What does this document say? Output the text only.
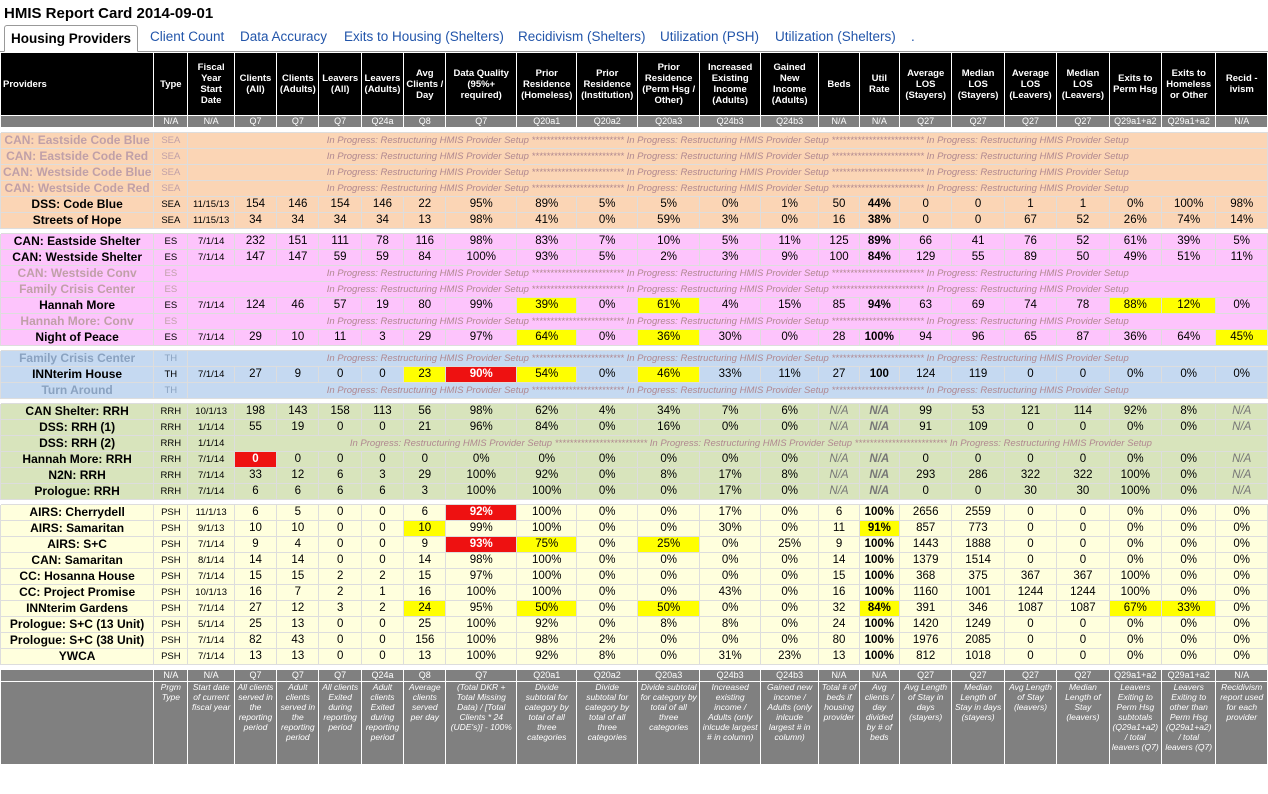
HMIS Report Card 2014-09-01
Housing Providers	Client Count Data Accuracy Exits to Housing (Shelters) Recidivism (Shelters) Utilization (PSH) Utilization (Shelters) .
Providers	Type	Fiscal Year Start Date	Clients (All)	Clients (Adults)	Leavers (All)	Leavers (Adults)	Avg Clients / Day	Data Quality (95%+ required)	Prior Residence (Homeless)	Prior Residence (Institution)	Prior Residence (Perm Hsg / Other)	Increased Existing Income (Adults)	Gained New Income (Adults)	Beds	Util Rate	Average LOS (Stayers)	Median LOS (Stayers)	Average LOS (Leavers)	Median LOS (Leavers)	Exits to Perm Hsg	Exits to Homeless or Other	Recid - ivism
	N/A	N/A	Q7	Q7	Q7	Q24a	Q8	Q7	Q20a1	Q20a2	Q20a3	Q24b3	Q24b3	N/A	N/A	Q27	Q27	Q27	Q27	Q29a1+a2	Q29a1+a2	N/A

CAN: Eastside Code Blue	SEA	In Progress: Restructuring HMIS Provider Setup ************************* In Progress: Restructuring HMIS Provider Setup ************************* In Progress: Restructuring HMIS Provider Setup																				
CAN: Eastside Code Red	SEA	In Progress: Restructuring HMIS Provider Setup ************************* In Progress: Restructuring HMIS Provider Setup ************************* In Progress: Restructuring HMIS Provider Setup																				
CAN: Westside Code Blue	SEA	In Progress: Restructuring HMIS Provider Setup ************************* In Progress: Restructuring HMIS Provider Setup ************************* In Progress: Restructuring HMIS Provider Setup																				
CAN: Westside Code Red	SEA	In Progress: Restructuring HMIS Provider Setup ************************* In Progress: Restructuring HMIS Provider Setup ************************* In Progress: Restructuring HMIS Provider Setup																				
DSS: Code Blue	SEA	11/15/13	154	146	154	146	22	95%	89%	5%	5%	0%	1%	50	44%	0	0	1	1	0%	100%	98%
Streets of Hope	SEA	11/15/13	34	34	34	34	13	98%	41%	0%	59%	3%	0%	16	38%	0	0	67	52	26%	74%	14%

CAN: Eastside Shelter	ES	7/1/14	232	151	111	78	116	98%	83%	7%	10%	5%	11%	125	89%	66	41	76	52	61%	39%	5%
CAN: Westside Shelter	ES	7/1/14	147	147	59	59	84	100%	93%	5%	2%	3%	9%	100	84%	129	55	89	50	49%	51%	11%
CAN: Westside Conv	ES	In Progress: Restructuring HMIS Provider Setup ************************* In Progress: Restructuring HMIS Provider Setup ************************* In Progress: Restructuring HMIS Provider Setup																				
Family Crisis Center	ES	In Progress: Restructuring HMIS Provider Setup ************************* In Progress: Restructuring HMIS Provider Setup ************************* In Progress: Restructuring HMIS Provider Setup																				
Hannah More	ES	7/1/14	124	46	57	19	80	99%	39%	0%	61%	4%	15%	85	94%	63	69	74	78	88%	12%	0%
Hannah More: Conv	ES	In Progress: Restructuring HMIS Provider Setup ************************* In Progress: Restructuring HMIS Provider Setup ************************* In Progress: Restructuring HMIS Provider Setup																				
Night of Peace	ES	7/1/14	29	10	11	3	29	97%	64%	0%	36%	30%	0%	28	100%	94	96	65	87	36%	64%	45%

Family Crisis Center	TH	In Progress: Restructuring HMIS Provider Setup ************************* In Progress: Restructuring HMIS Provider Setup ************************* In Progress: Restructuring HMIS Provider Setup																				
INNterim House	TH	7/1/14	27	9	0	0	23	90%	54%	0%	46%	33%	11%	27	100	124	119	0	0	0%	0%	0%
Turn Around	TH	In Progress: Restructuring HMIS Provider Setup ************************* In Progress: Restructuring HMIS Provider Setup ************************* In Progress: Restructuring HMIS Provider Setup																				

CAN Shelter: RRH	RRH	10/1/13	198	143	158	113	56	98%	62%	4%	34%	7%	6%	N/A	N/A	99	53	121	114	92%	8%	N/A
DSS: RRH (1)	RRH	1/1/14	55	19	0	0	21	96%	84%	0%	16%	0%	0%	N/A	N/A	91	109	0	0	0%	0%	N/A
DSS: RRH (2)	RRH	1/1/14	In Progress: Restructuring HMIS Provider Setup ************************* In Progress: Restructuring HMIS Provider Setup ************************* In Progress: Restructuring HMIS Provider Setup																			
Hannah More: RRH	RRH	7/1/14	0	0	0	0	0	0%	0%	0%	0%	0%	0%	N/A	N/A	0	0	0	0	0%	0%	N/A
N2N: RRH	RRH	7/1/14	33	12	6	3	29	100%	92%	0%	8%	17%	8%	N/A	N/A	293	286	322	322	100%	0%	N/A
Prologue: RRH	RRH	7/1/14	6	6	6	6	3	100%	100%	0%	0%	17%	0%	N/A	N/A	0	0	30	30	100%	0%	N/A

AIRS: Cherrydell	PSH	11/1/13	6	5	0	0	6	92%	100%	0%	0%	17%	0%	6	100%	2656	2559	0	0	0%	0%	0%
AIRS: Samaritan	PSH	9/1/13	10	10	0	0	10	99%	100%	0%	0%	30%	0%	11	91%	857	773	0	0	0%	0%	0%
AIRS: S+C	PSH	7/1/14	9	4	0	0	9	93%	75%	0%	25%	0%	25%	9	100%	1443	1888	0	0	0%	0%	0%
CAN: Samaritan	PSH	8/1/14	14	14	0	0	14	98%	100%	0%	0%	0%	0%	14	100%	1379	1514	0	0	0%	0%	0%
CC: Hosanna House	PSH	7/1/14	15	15	2	2	15	97%	100%	0%	0%	0%	0%	15	100%	368	375	367	367	100%	0%	0%
CC: Project Promise	PSH	10/1/13	16	7	2	1	16	100%	100%	0%	0%	43%	0%	16	100%	1160	1001	1244	1244	100%	0%	0%
INNterim Gardens	PSH	7/1/14	27	12	3	2	24	95%	50%	0%	50%	0%	0%	32	84%	391	346	1087	1087	67%	33%	0%
Prologue: S+C (13 Unit)	PSH	5/1/14	25	13	0	0	25	100%	92%	0%	8%	8%	0%	24	100%	1420	1249	0	0	0%	0%	0%
Prologue: S+C (38 Unit)	PSH	7/1/14	82	43	0	0	156	100%	98%	2%	0%	0%	0%	80	100%	1976	2085	0	0	0%	0%	0%
YWCA	PSH	7/1/14	13	13	0	0	13	100%	92%	8%	0%	31%	23%	13	100%	812	1018	0	0	0%	0%	0%

	N/A	N/A	Q7	Q7	Q7	Q24a	Q8	Q7	Q20a1	Q20a2	Q20a3	Q24b3	Q24b3	N/A	N/A	Q27	Q27	Q27	Q27	Q29a1+a2	Q29a1+a2	N/A
	Prgm Type	Start date of current fiscal year	All clients served in the reporting period	Adult clients served in the reporting period	All clients Exited during reporting period	Adult clients Exited during reporting period	Average clients served per day	(Total DKR + Total Missing Data) / [Total Clients * 24 (UDE's)] - 100%	Divide subtotal for category by total of all three categories	Divide subtotal for category by total of all three categories	Divide subtotal for category by total of all three categories	Increased existing income / Adults (only inlcude largest # in column)	Gained new income / Adults (only inlcude largest # in column)	Total # of beds if housing provider	Avg clients / day divided by # of beds	Avg Length of Stay in days (stayers)	Median Length of Stay in days (stayers)	Avg Length of Stay (leavers)	Median Length of Stay (leavers)	Leavers Exiting to Perm Hsg subtotals (Q29a1+a2) / total leavers (Q7)	Leavers Exiting to other than Perm Hsg (Q29a1+a2) / total leavers (Q7)	Recidivism report used for each provider
